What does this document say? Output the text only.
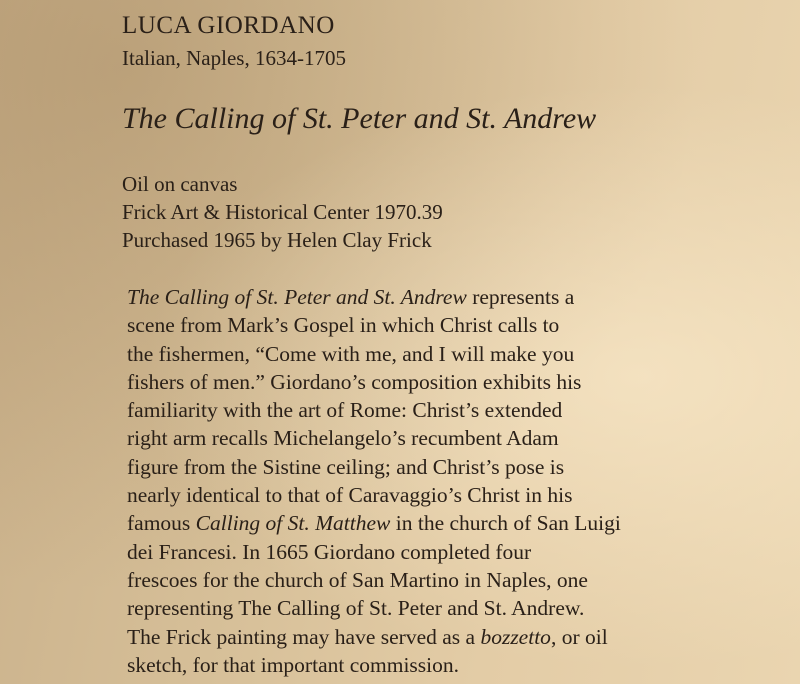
LUCA GIORDANO

Italian, Naples, 1634-1705

The Calling of St. Peter and St. Andrew
Oil on canvas
Frick Art & Historical Center 1970.39
Purchased 1965 by Helen Clay Frick
The Calling of St. Peter and St. Andrew represents a
scene from Mark’s Gospel in which Christ calls to
the fishermen, “Come with me, and I will make you
fishers of men.” Giordano’s composition exhibits his
familiarity with the art of Rome: Christ’s extended
right arm recalls Michelangelo’s recumbent Adam
figure from the Sistine ceiling; and Christ’s pose is
nearly identical to that of Caravaggio’s Christ in his
famous Calling of St. Matthew in the church of San Luigi
dei Francesi. In 1665 Giordano completed four
frescoes for the church of San Martino in Naples, one
representing The Calling of St. Peter and St. Andrew.
The Frick painting may have served as a bozzetto, or oil
sketch, for that important commission.
